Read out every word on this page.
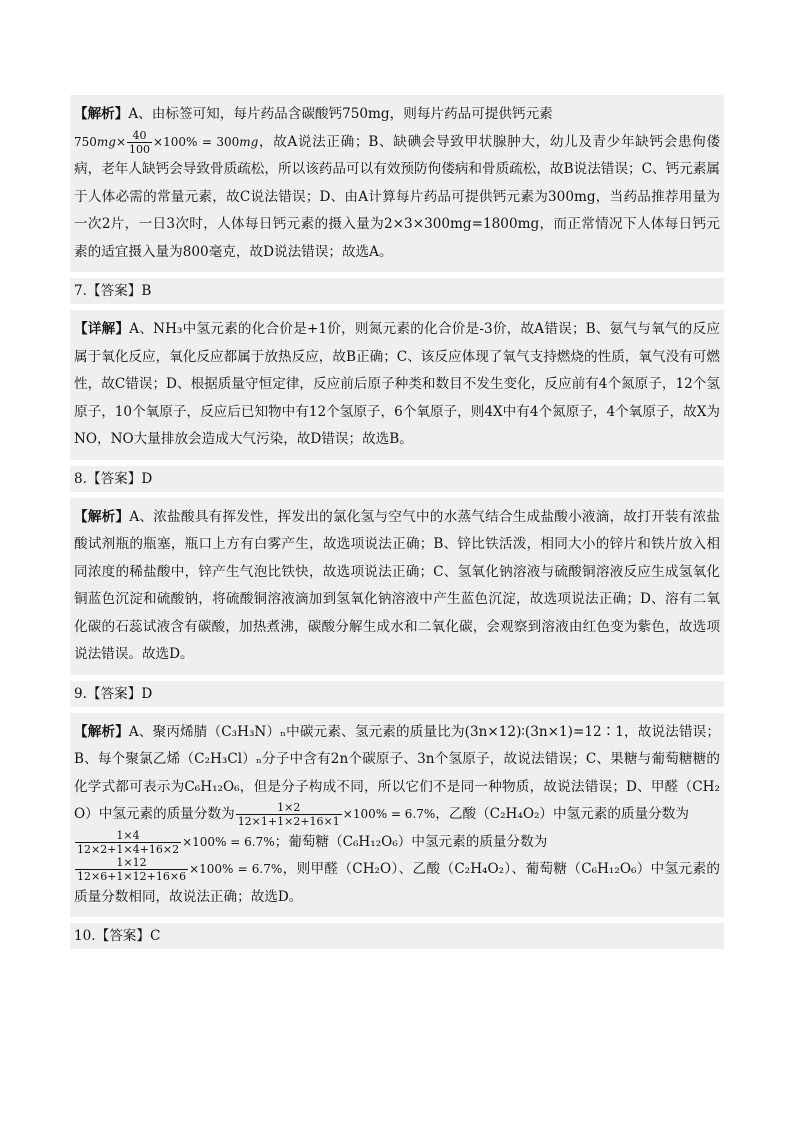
【解析】A、由标签可知，每片药品含碳酸钙750mg，则每片药品可提供钙元素
$750mg\times \frac{40}{100} \times 100\% = 300mg$，故A说法正确；B、缺碘会导致甲状腺肿大，幼儿及青少年缺钙会患佝偻病，老年人缺钙会导致骨质疏松，所以该药品可以有效预防佝偻病和骨质疏松，故B说法错误；C、钙元素属于人体必需的常量元素，故C说法错误；D、由A计算每片药品可提供钙元素为300mg，当药品推荐用量为一次2片，一日3次时，人体每日钙元素的摄入量为2×3×300mg=1800mg，而正常情况下人体每日钙元素的适宜摄入量为800毫克，故D说法错误；故选A。
7.【答案】B
【详解】A、NH₃中氢元素的化合价是+1价，则氮元素的化合价是-3价，故A错误；B、氨气与氧气的反应属于氧化反应，氧化反应都属于放热反应，故B正确；C、该反应体现了氧气支持燃烧的性质，氧气没有可燃性，故C错误；D、根据质量守恒定律，反应前后原子种类和数目不发生变化，反应前有4个氮原子，12个氢原子，10个氧原子，反应后已知物中有12个氢原子，6个氧原子，则4X中有4个氮原子，4个氧原子，故X为NO，NO大量排放会造成大气污染，故D错误；故选B。
8.【答案】D
【解析】A、浓盐酸具有挥发性，挥发出的氯化氢与空气中的水蒸气结合生成盐酸小液滴，故打开装有浓盐酸试剂瓶的瓶塞，瓶口上方有白雾产生，故选项说法正确；B、锌比铁活泼，相同大小的锌片和铁片放入相同浓度的稀盐酸中，锌产生气泡比铁快，故选项说法正确；C、氢氧化钠溶液与硫酸铜溶液反应生成氢氧化铜蓝色沉淀和硫酸钠，将硫酸铜溶液滴加到氢氧化钠溶液中产生蓝色沉淀，故选项说法正确；D、溶有二氧化碳的石蕊试液含有碳酸，加热煮沸，碳酸分解生成水和二氧化碳，会观察到溶液由红色变为紫色，故选项说法错误。故选D。
9.【答案】D
【解析】A、聚丙烯腈（C₃H₃N）ₙ中碳元素、氢元素的质量比为(3n×12)∶(3n×1)=12∶1，故说法错误；B、每个聚氯乙烯（C₂H₃Cl）ₙ分子中含有2n个碳原子、3n个氢原子，故说法错误；C、果糖与葡萄糖糖的化学式都可表示为C₆H₁₂O₆，但是分子构成不同，所以它们不是同一种物质，故说法错误；D、甲醛（CH₂O）中氢元素的质量分数为 $\frac{1\times 2}{12\times 1+1\times 2+16\times 1} \times 100\% = 6.7\%$，乙酸（C₂H₄O₂）中氢元素的质量分数为

$\frac{1\times 4}{12\times 2+1\times 4+16\times 2} \times 100\% = 6.7\%$；葡萄糖（C₆H₁₂O₆）中氢元素的质量分数为

$\frac{1\times 12}{12\times 6+1\times 12+16\times 6} \times 100\% = 6.7\%$，则甲醛（CH₂O）、乙酸（C₂H₄O₂）、葡萄糖（C₆H₁₂O₆）中氢元素的质量分数相同，故说法正确；故选D。
10.【答案】C
